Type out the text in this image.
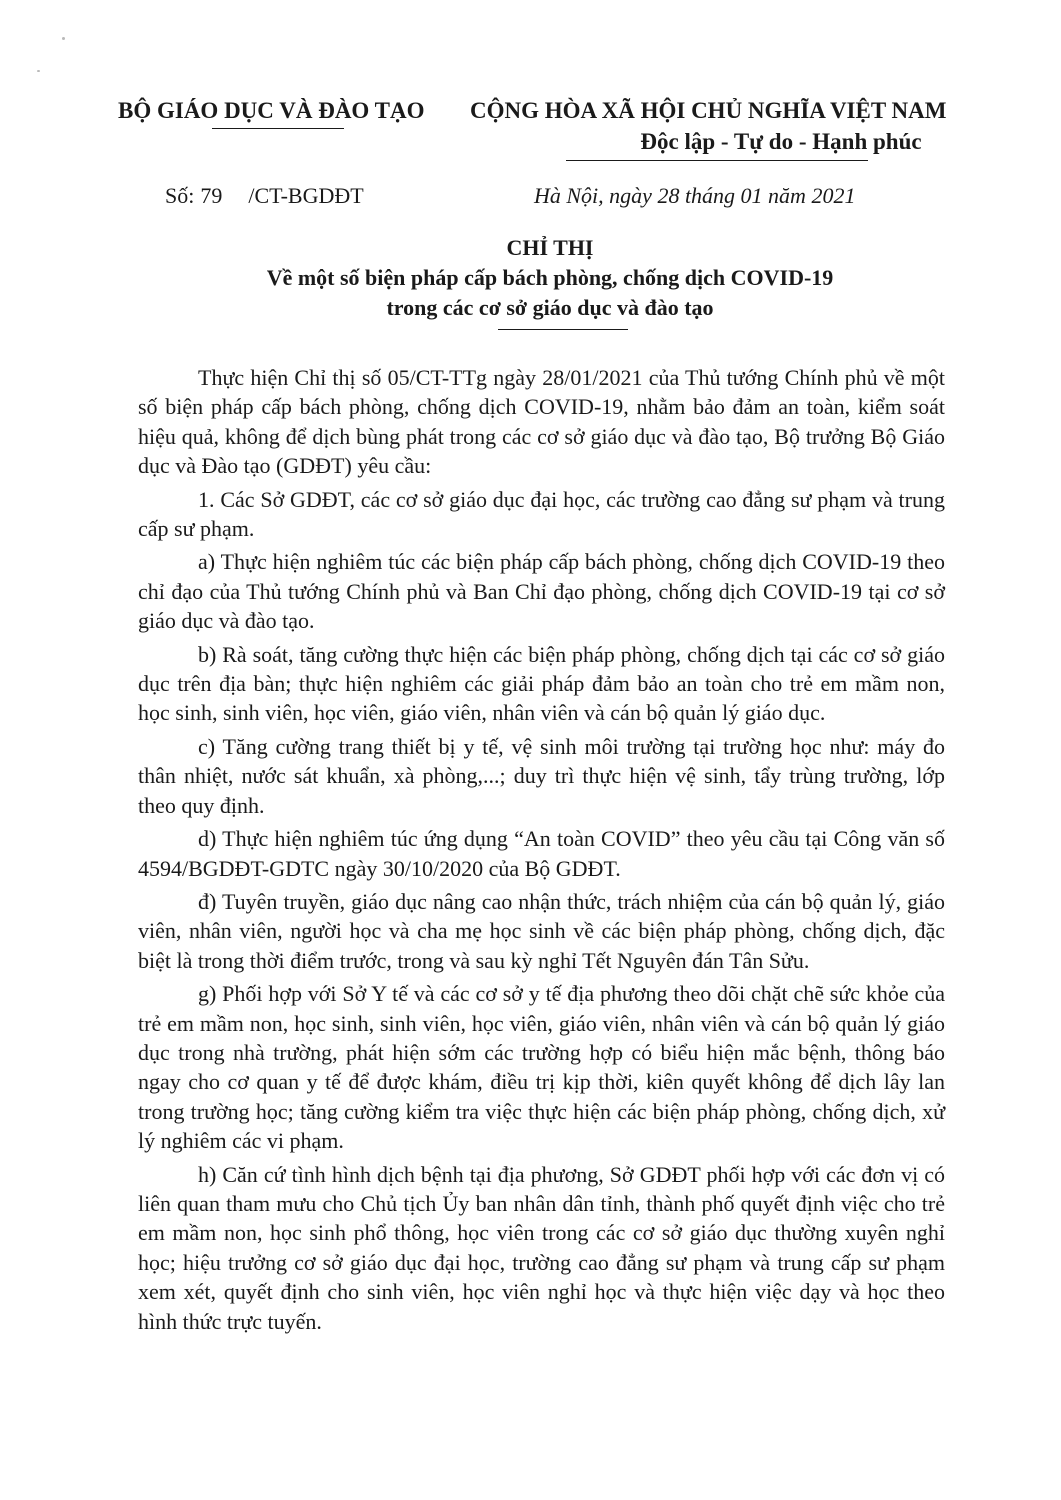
BỘ GIÁO DỤC VÀ ĐÀO TẠO	CỘNG HÒA XÃ HỘI CHỦ NGHĨA VIỆT NAM
Độc lập - Tự do - Hạnh phúc
Số: 79 /CT-BGDĐT	Hà Nội, ngày 28 tháng 01 năm 2021
CHỈ THỊ
Về một số biện pháp cấp bách phòng, chống dịch COVID-19
trong các cơ sở giáo dục và đào tạo

Thực hiện Chỉ thị số 05/CT-TTg ngày 28/01/2021 của Thủ tướng Chính phủ về một số biện pháp cấp bách phòng, chống dịch COVID-19, nhằm bảo đảm an toàn, kiểm soát hiệu quả, không để dịch bùng phát trong các cơ sở giáo dục và đào tạo, Bộ trưởng Bộ Giáo dục và Đào tạo (GDĐT) yêu cầu:

1. Các Sở GDĐT, các cơ sở giáo dục đại học, các trường cao đẳng sư phạm và trung cấp sư phạm.

a) Thực hiện nghiêm túc các biện pháp cấp bách phòng, chống dịch COVID-19 theo chỉ đạo của Thủ tướng Chính phủ và Ban Chỉ đạo phòng, chống dịch COVID-19 tại cơ sở giáo dục và đào tạo.

b) Rà soát, tăng cường thực hiện các biện pháp phòng, chống dịch tại các cơ sở giáo dục trên địa bàn; thực hiện nghiêm các giải pháp đảm bảo an toàn cho trẻ em mầm non, học sinh, sinh viên, học viên, giáo viên, nhân viên và cán bộ quản lý giáo dục.

c) Tăng cường trang thiết bị y tế, vệ sinh môi trường tại trường học như: máy đo thân nhiệt, nước sát khuẩn, xà phòng,...; duy trì thực hiện vệ sinh, tẩy trùng trường, lớp theo quy định.

d) Thực hiện nghiêm túc ứng dụng “An toàn COVID” theo yêu cầu tại Công văn số 4594/BGDĐT-GDTC ngày 30/10/2020 của Bộ GDĐT.

đ) Tuyên truyền, giáo dục nâng cao nhận thức, trách nhiệm của cán bộ quản lý, giáo viên, nhân viên, người học và cha mẹ học sinh về các biện pháp phòng, chống dịch, đặc biệt là trong thời điểm trước, trong và sau kỳ nghỉ Tết Nguyên đán Tân Sửu.

g) Phối hợp với Sở Y tế và các cơ sở y tế địa phương theo dõi chặt chẽ sức khỏe của trẻ em mầm non, học sinh, sinh viên, học viên, giáo viên, nhân viên và cán bộ quản lý giáo dục trong nhà trường, phát hiện sớm các trường hợp có biểu hiện mắc bệnh, thông báo ngay cho cơ quan y tế để được khám, điều trị kịp thời, kiên quyết không để dịch lây lan trong trường học; tăng cường kiểm tra việc thực hiện các biện pháp phòng, chống dịch, xử lý nghiêm các vi phạm.

h) Căn cứ tình hình dịch bệnh tại địa phương, Sở GDĐT phối hợp với các đơn vị có liên quan tham mưu cho Chủ tịch Ủy ban nhân dân tỉnh, thành phố quyết định việc cho trẻ em mầm non, học sinh phổ thông, học viên trong các cơ sở giáo dục thường xuyên nghỉ học; hiệu trưởng cơ sở giáo dục đại học, trường cao đẳng sư phạm và trung cấp sư phạm xem xét, quyết định cho sinh viên, học viên nghỉ học và thực hiện việc dạy và học theo hình thức trực tuyến.
